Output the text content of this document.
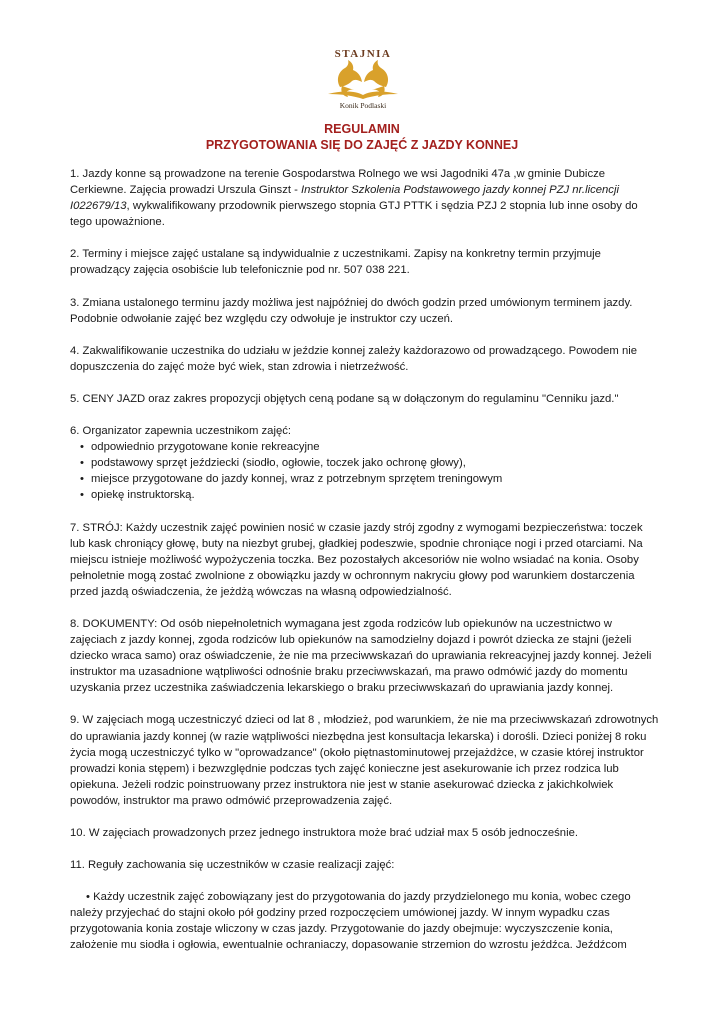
STAJNIA
Konik Podlaski
REGULAMIN
PRZYGOTOWANIA SIĘ DO ZAJĘĆ Z JAZDY KONNEJ

1. Jazdy konne są prowadzone na terenie Gospodarstwa Rolnego we wsi Jagodniki 47a ,w gminie Dubicze Cerkiewne. Zajęcia prowadzi Urszula Ginszt - Instruktor Szkolenia Podstawowego jazdy konnej PZJ nr.licencji I022679/13, wykwalifikowany przodownik pierwszego stopnia GTJ PTTK i sędzia PZJ 2 stopnia lub inne osoby do tego upoważnione.

2. Terminy i miejsce zajęć ustalane są indywidualnie z uczestnikami. Zapisy na konkretny termin przyjmuje prowadzący zajęcia osobiście lub telefonicznie pod nr. 507 038 221.

3. Zmiana ustalonego terminu jazdy możliwa jest najpóźniej do dwóch godzin przed umówionym terminem jazdy. Podobnie odwołanie zajęć bez względu czy odwołuje je instruktor czy uczeń.

4. Zakwalifikowanie uczestnika do udziału w jeździe konnej zależy każdorazowo od prowadzącego. Powodem nie dopuszczenia do zajęć może być wiek, stan zdrowia i nietrzeźwość.

5. CENY JAZD oraz zakres propozycji objętych ceną podane są w dołączonym do regulaminu "Cenniku jazd."

6. Organizator zapewnia uczestnikom zajęć:

• odpowiednio przygotowane konie rekreacyjne
• podstawowy sprzęt jeździecki (siodło, ogłowie, toczek jako ochronę głowy),
• miejsce przygotowane do jazdy konnej, wraz z potrzebnym sprzętem treningowym
• opiekę instruktorską.

7. STRÓJ: Każdy uczestnik zajęć powinien nosić w czasie jazdy strój zgodny z wymogami bezpieczeństwa: toczek lub kask chroniący głowę, buty na niezbyt grubej, gładkiej podeszwie, spodnie chroniące nogi i przed otarciami. Na miejscu istnieje możliwość wypożyczenia toczka. Bez pozostałych akcesoriów nie wolno wsiadać na konia. Osoby pełnoletnie mogą zostać zwolnione z obowiązku jazdy w ochronnym nakryciu głowy pod warunkiem dostarczenia przed jazdą oświadczenia, że jeżdżą wówczas na własną odpowiedzialność.

8. DOKUMENTY: Od osób niepełnoletnich wymagana jest zgoda rodziców lub opiekunów na uczestnictwo w zajęciach z jazdy konnej, zgoda rodziców lub opiekunów na samodzielny dojazd i powrót dziecka ze stajni (jeżeli dziecko wraca samo) oraz oświadczenie, że nie ma przeciwwskazań do uprawiania rekreacyjnej jazdy konnej. Jeżeli instruktor ma uzasadnione wątpliwości odnośnie braku przeciwwskazań, ma prawo odmówić jazdy do momentu uzyskania przez uczestnika zaświadczenia lekarskiego o braku przeciwwskazań do uprawiania jazdy konnej.

9. W zajęciach mogą uczestniczyć dzieci od lat 8 , młodzież, pod warunkiem, że nie ma przeciwwskazań zdrowotnych do uprawiania jazdy konnej (w razie wątpliwości niezbędna jest konsultacja lekarska) i dorośli. Dzieci poniżej 8 roku życia mogą uczestniczyć tylko w "oprowadzance" (około piętnastominutowej przejażdżce, w czasie której instruktor prowadzi konia stępem) i bezwzględnie podczas tych zajęć konieczne jest asekurowanie ich przez rodzica lub opiekuna. Jeżeli rodzic poinstruowany przez instruktora nie jest w stanie asekurować dziecka z jakichkolwiek powodów, instruktor ma prawo odmówić przeprowadzenia zajęć.

10. W zajęciach prowadzonych przez jednego instruktora może brać udział max 5 osób jednocześnie.

11. Reguły zachowania się uczestników w czasie realizacji zajęć:

• Każdy uczestnik zajęć zobowiązany jest do przygotowania do jazdy przydzielonego mu konia, wobec czego należy przyjechać do stajni około pół godziny przed rozpoczęciem umówionej jazdy. W innym wypadku czas przygotowania konia zostaje wliczony w czas jazdy. Przygotowanie do jazdy obejmuje: wyczyszczenie konia, założenie mu siodła i ogłowia, ewentualnie ochraniaczy, dopasowanie strzemion do wzrostu jeźdźca. Jeźdźcom
